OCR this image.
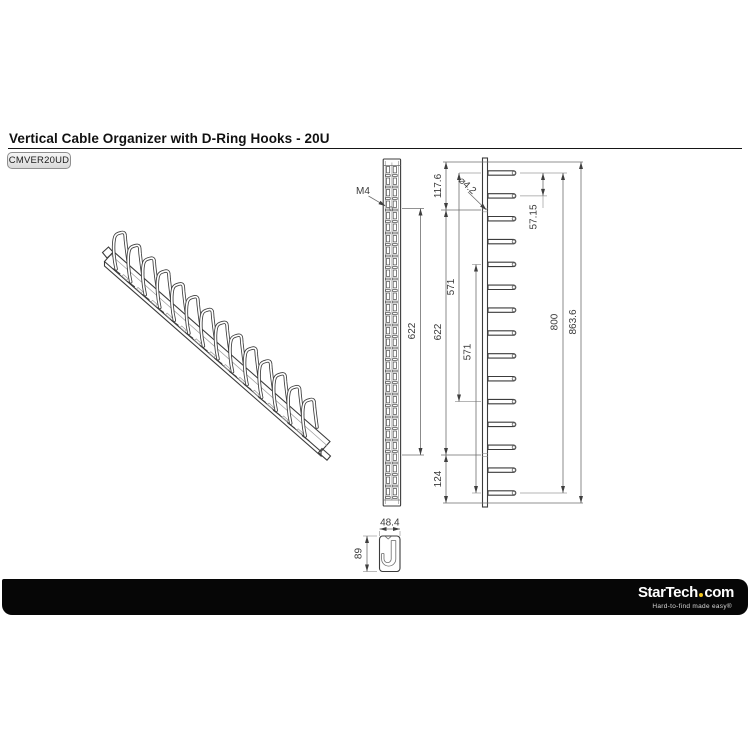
Vertical Cable Organizer with D-Ring Hooks - 20U
CMVER20UD
M4
622
117.6
622
124
571
571
57.15
800 863.6
⌀4.2
48.4
89
StarTech com
Hard-to-find made easy®
